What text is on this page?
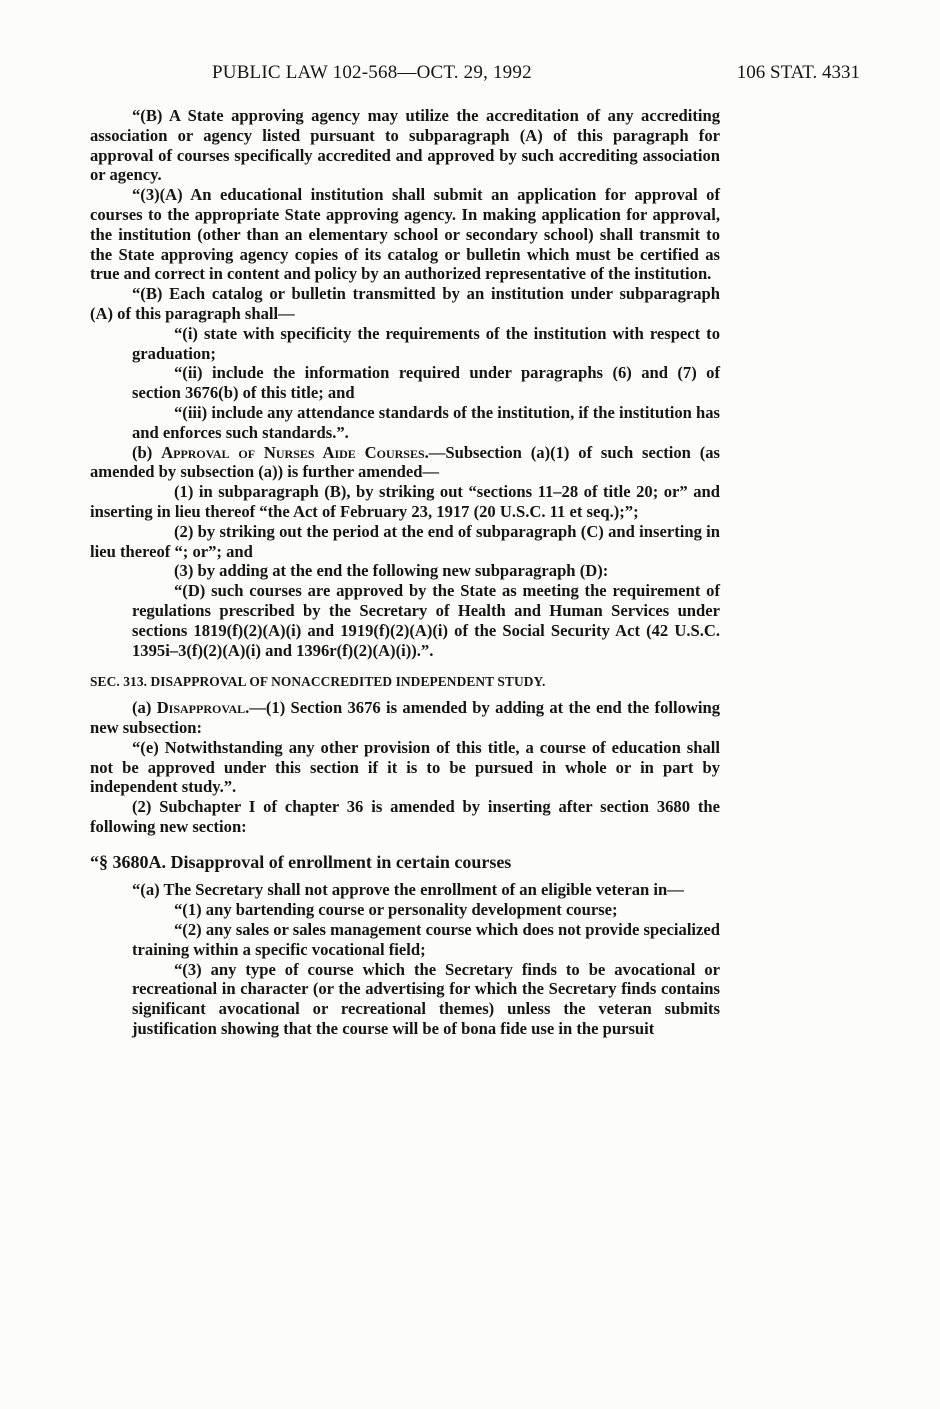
PUBLIC LAW 102-568—OCT. 29, 1992	106 STAT. 4331

“(B) A State approving agency may utilize the accreditation of any accrediting association or agency listed pursuant to subparagraph (A) of this paragraph for approval of courses specifically accredited and approved by such accrediting association or agency.

“(3)(A) An educational institution shall submit an application for approval of courses to the appropriate State approving agency. In making application for approval, the institution (other than an elementary school or secondary school) shall transmit to the State approving agency copies of its catalog or bulletin which must be certified as true and correct in content and policy by an authorized representative of the institution.

“(B) Each catalog or bulletin transmitted by an institution under subparagraph (A) of this paragraph shall—

“(i) state with specificity the requirements of the institution with respect to graduation;

“(ii) include the information required under paragraphs (6) and (7) of section 3676(b) of this title; and

“(iii) include any attendance standards of the institution, if the institution has and enforces such standards.”.

(b) Approval of Nurses Aide Courses.—Subsection (a)(1) of such section (as amended by subsection (a)) is further amended—

(1) in subparagraph (B), by striking out “sections 11–28 of title 20; or” and inserting in lieu thereof “the Act of February 23, 1917 (20 U.S.C. 11 et seq.);”;

(2) by striking out the period at the end of subparagraph (C) and inserting in lieu thereof “; or”; and

(3) by adding at the end the following new subparagraph (D):

“(D) such courses are approved by the State as meeting the requirement of regulations prescribed by the Secretary of Health and Human Services under sections 1819(f)(2)(A)(i) and 1919(f)(2)(A)(i) of the Social Security Act (42 U.S.C. 1395i–3(f)(2)(A)(i) and 1396r(f)(2)(A)(i)).”.

SEC. 313. DISAPPROVAL OF NONACCREDITED INDEPENDENT STUDY.

(a) Disapproval.—(1) Section 3676 is amended by adding at the end the following new subsection:

“(e) Notwithstanding any other provision of this title, a course of education shall not be approved under this section if it is to be pursued in whole or in part by independent study.”.

(2) Subchapter I of chapter 36 is amended by inserting after section 3680 the following new section:

“§ 3680A. Disapproval of enrollment in certain courses

“(a) The Secretary shall not approve the enrollment of an eligible veteran in—

“(1) any bartending course or personality development course;

“(2) any sales or sales management course which does not provide specialized training within a specific vocational field;

“(3) any type of course which the Secretary finds to be avocational or recreational in character (or the advertising for which the Secretary finds contains significant avocational or recreational themes) unless the veteran submits justification showing that the course will be of bona fide use in the pursuit
